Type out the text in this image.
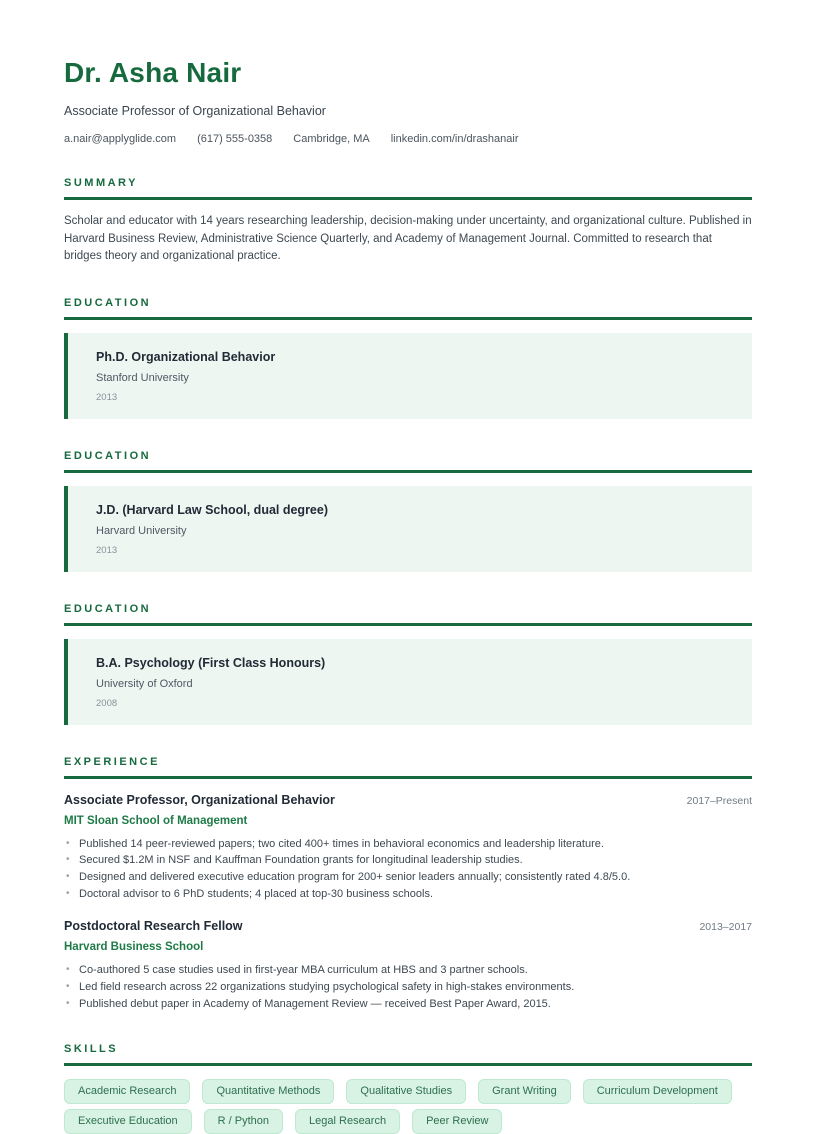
Dr. Asha Nair
Associate Professor of Organizational Behavior
a.nair@applyglide.com (617) 555-0358 Cambridge, MA linkedin.com/in/drashanair
SUMMARY

Scholar and educator with 14 years researching leadership, decision-making under uncertainty, and organizational culture. Published in Harvard Business Review, Administrative Science Quarterly, and Academy of Management Journal. Committed to research that bridges theory and organizational practice.

EDUCATION
Ph.D. Organizational Behavior
Stanford University
2013
EDUCATION
J.D. (Harvard Law School, dual degree)
Harvard University
2013
EDUCATION
B.A. Psychology (First Class Honours)
University of Oxford
2008
EXPERIENCE
Associate Professor, Organizational Behavior	2017–Present
MIT Sloan School of Management
• Published 14 peer-reviewed papers; two cited 400+ times in behavioral economics and leadership literature.
• Secured $1.2M in NSF and Kauffman Foundation grants for longitudinal leadership studies.
• Designed and delivered executive education program for 200+ senior leaders annually; consistently rated 4.8/5.0.
• Doctoral advisor to 6 PhD students; 4 placed at top-30 business schools.
Postdoctoral Research Fellow	2013–2017
Harvard Business School
• Co-authored 5 case studies used in first-year MBA curriculum at HBS and 3 partner schools.
• Led field research across 22 organizations studying psychological safety in high-stakes environments.
• Published debut paper in Academy of Management Review — received Best Paper Award, 2015.
SKILLS
Academic Research	Quantitative Methods	Qualitative Studies	Grant Writing	Curriculum Development
Executive Education	R / Python	Legal Research	Peer Review
